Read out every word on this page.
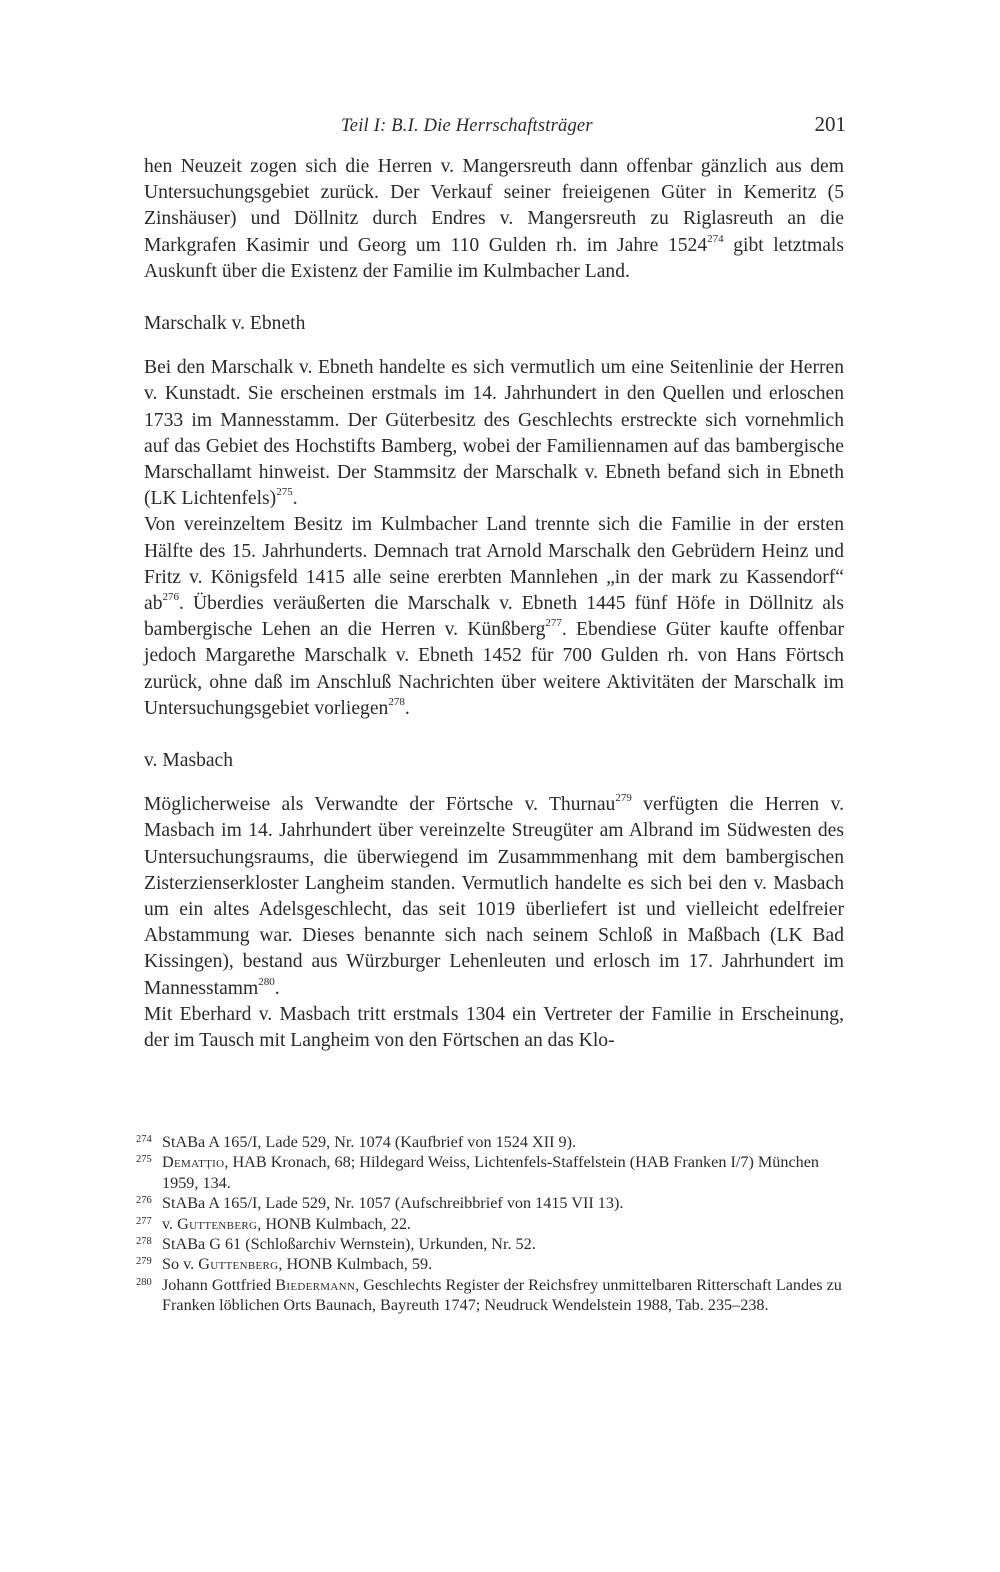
Teil I: B.I. Die Herrschaftsträger	201

hen Neuzeit zogen sich die Herren v. Mangersreuth dann offenbar gänzlich aus dem Untersuchungsgebiet zurück. Der Verkauf seiner freieigenen Güter in Kemeritz (5 Zinshäuser) und Döllnitz durch Endres v. Mangersreuth zu Riglasreuth an die Markgrafen Kasimir und Georg um 110 Gulden rh. im Jahre 1524$^{274}$ gibt letztmals Auskunft über die Existenz der Familie im Kulmbacher Land.

Marschalk v. Ebneth

Bei den Marschalk v. Ebneth handelte es sich vermutlich um eine Seitenlinie der Herren v. Kunstadt. Sie erscheinen erstmals im 14. Jahrhundert in den Quellen und erloschen 1733 im Mannesstamm. Der Güterbesitz des Geschlechts erstreckte sich vornehmlich auf das Gebiet des Hochstifts Bamberg, wobei der Familiennamen auf das bambergische Marschallamt hinweist. Der Stammsitz der Marschalk v. Ebneth befand sich in Ebneth (LK Lichtenfels)$^{275}$.

Von vereinzeltem Besitz im Kulmbacher Land trennte sich die Familie in der ersten Hälfte des 15. Jahrhunderts. Demnach trat Arnold Marschalk den Gebrüdern Heinz und Fritz v. Königsfeld 1415 alle seine ererbten Mannlehen „in der mark zu Kassendorf“ $ab^{276}$. Überdies veräußerten die Marschalk v. Ebneth 1445 fünf Höfe in Döllnitz als bambergische Lehen an die Herren v. Künßberg$^{277}$. Ebendiese Güter kaufte offenbar jedoch Margarethe Marschalk v. Ebneth 1452 für 700 Gulden rh. von Hans Förtsch zurück, ohne daß im Anschluß Nachrichten über weitere Aktivitäten der Marschalk im Untersuchungsgebiet vorliegen$^{278}$.

v. Masbach

Möglicherweise als Verwandte der Förtsche v. Thurnau$^{279}$ verfügten die Herren v. Masbach im 14. Jahrhundert über vereinzelte Streugüter am Albrand im Südwesten des Untersuchungsraums, die überwiegend im Zusammmenhang mit dem bambergischen Zisterzienserkloster Langheim standen. Vermutlich handelte es sich bei den v. Masbach um ein altes Adelsgeschlecht, das seit 1019 überliefert ist und vielleicht edelfreier Abstammung war. Dieses benannte sich nach seinem Schloß in Maßbach (LK Bad Kissingen), bestand aus Würzburger Lehenleuten und erlosch im 17. Jahrhundert im Mannesstamm$^{280}$.

Mit Eberhard v. Masbach tritt erstmals 1304 ein Vertreter der Familie in Erscheinung, der im Tausch mit Langheim von den Förtschen an das Klo-

274 StABa A 165/I, Lade 529, Nr. 1074 (Kaufbrief von 1524 XII 9).

275 Dematțio, HAB Kronach, 68; Hildegard Weiss, Lichtenfels-Staffelstein (HAB Franken I/7) München 1959, 134.

276 StABa A 165/I, Lade 529, Nr. 1057 (Aufschreibbrief von 1415 VII 13).

277 v. Guttenberg, HONB Kulmbach, 22.

278 StABa G 61 (Schloßarchiv Wernstein), Urkunden, Nr. 52.

279 So v. Guttenberg, HONB Kulmbach, 59.

280 Johann Gottfried Biedermann, Geschlechts Register der Reichsfrey unmittelbaren Ritterschaft Landes zu Franken löblichen Orts Baunach, Bayreuth 1747; Neudruck Wendelstein 1988, Tab. 235–238.
